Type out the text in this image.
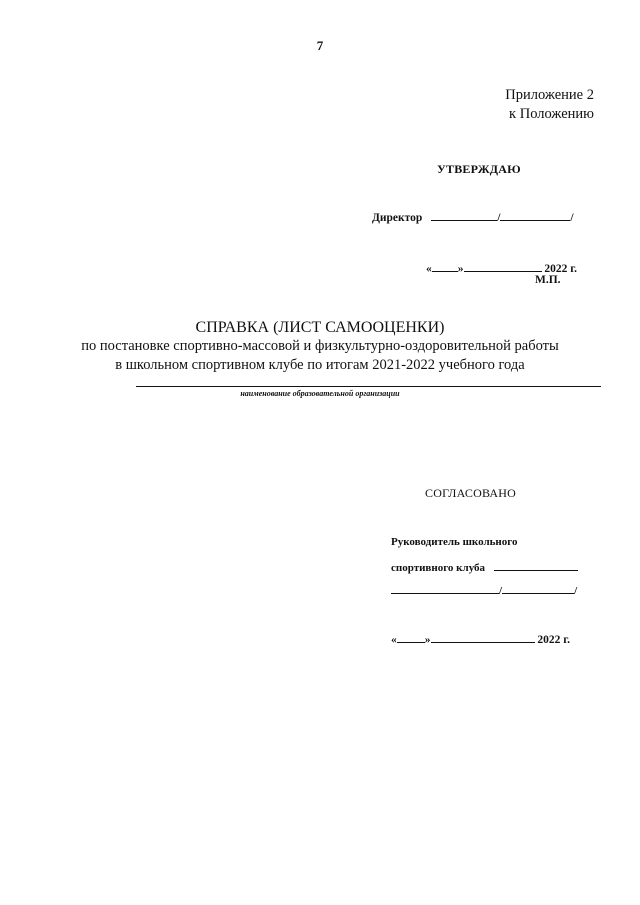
7
Приложение 2
к Положению
УТВЕРЖДАЮ
Директор	/	/
« »	2022 г.
М.П.
СПРАВКА (ЛИСТ САМООЦЕНКИ)
по постановке спортивно-массовой и физкультурно-оздоровительной работы
в школьном спортивном клубе по итогам 2021-2022 учебного года
наименование образовательной организации
СОГЛАСОВАНО
Руководитель школьного
спортивного клуба
/	/
« »	2022 г.
